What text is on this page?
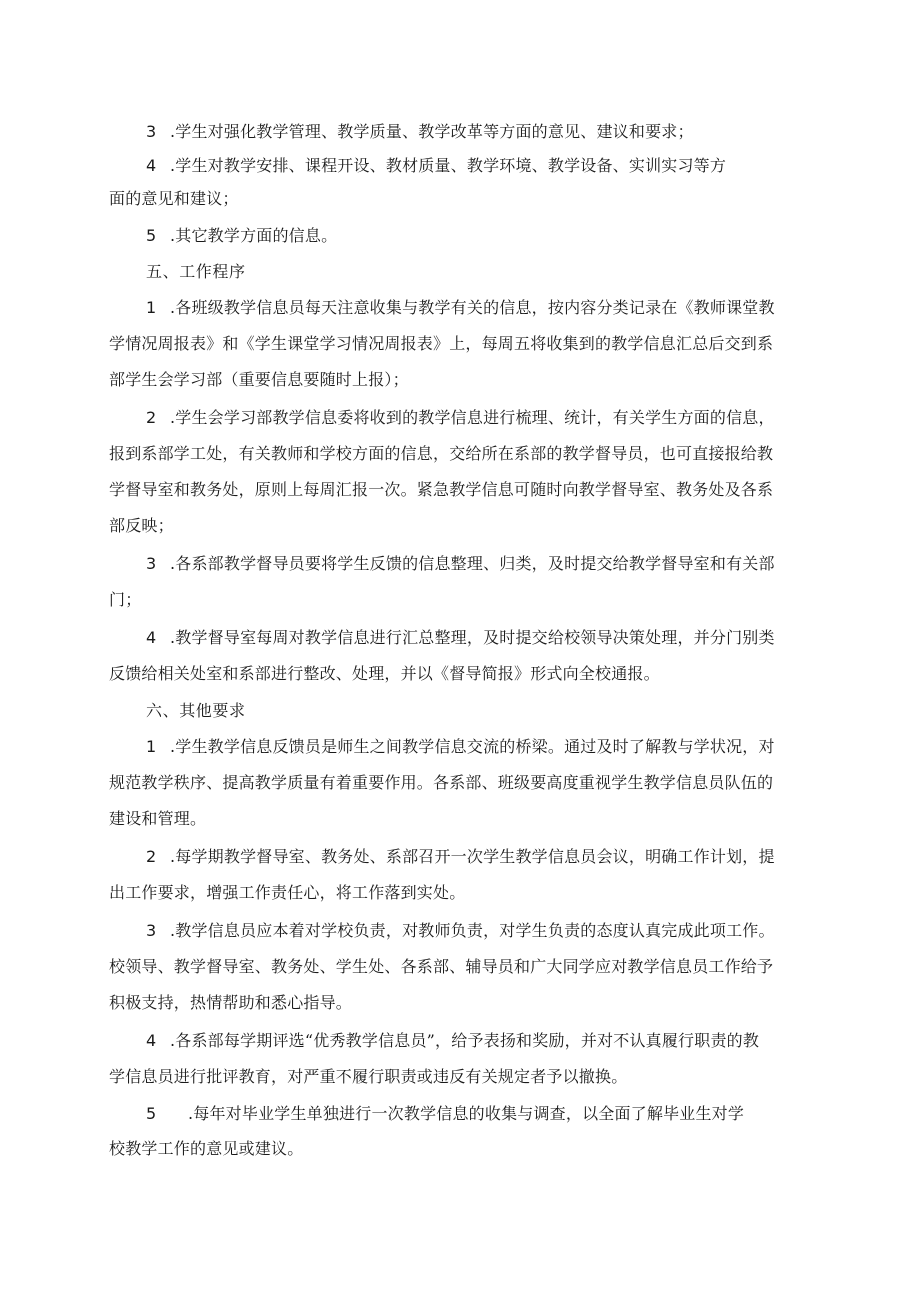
3 .学生对强化教学管理、教学质量、教学改革等方面的意见、建议和要求；
4 .学生对教学安排、课程开设、教材质量、教学环境、教学设备、实训实习等方
面的意见和建议；
5 .其它教学方面的信息。
五、工作程序
1 .各班级教学信息员每天注意收集与教学有关的信息，按内容分类记录在《教师课堂教
学情况周报表》和《学生课堂学习情况周报表》上，每周五将收集到的教学信息汇总后交到系
部学生会学习部（重要信息要随时上报）；
2 .学生会学习部教学信息委将收到的教学信息进行梳理、统计，有关学生方面的信息，
报到系部学工处，有关教师和学校方面的信息，交给所在系部的教学督导员，也可直接报给教
学督导室和教务处，原则上每周汇报一次。紧急教学信息可随时向教学督导室、教务处及各系
部反映；
3 .各系部教学督导员要将学生反馈的信息整理、归类，及时提交给教学督导室和有关部
门；
4 .教学督导室每周对教学信息进行汇总整理，及时提交给校领导决策处理，并分门别类
反馈给相关处室和系部进行整改、处理，并以《督导简报》形式向全校通报。
六、其他要求
1 .学生教学信息反馈员是师生之间教学信息交流的桥梁。通过及时了解教与学状况，对
规范教学秩序、提高教学质量有着重要作用。各系部、班级要高度重视学生教学信息员队伍的
建设和管理。
2 .每学期教学督导室、教务处、系部召开一次学生教学信息员会议，明确工作计划，提
出工作要求，增强工作责任心，将工作落到实处。
3 .教学信息员应本着对学校负责，对教师负责，对学生负责的态度认真完成此项工作。
校领导、教学督导室、教务处、学生处、各系部、辅导员和广大同学应对教学信息员工作给予
积极支持，热情帮助和悉心指导。
4 .各系部每学期评选“优秀教学信息员”，给予表扬和奖励，并对不认真履行职责的教
学信息员进行批评教育，对严重不履行职责或违反有关规定者予以撤换。
5 .每年对毕业学生单独进行一次教学信息的收集与调查，以全面了解毕业生对学
校教学工作的意见或建议。
